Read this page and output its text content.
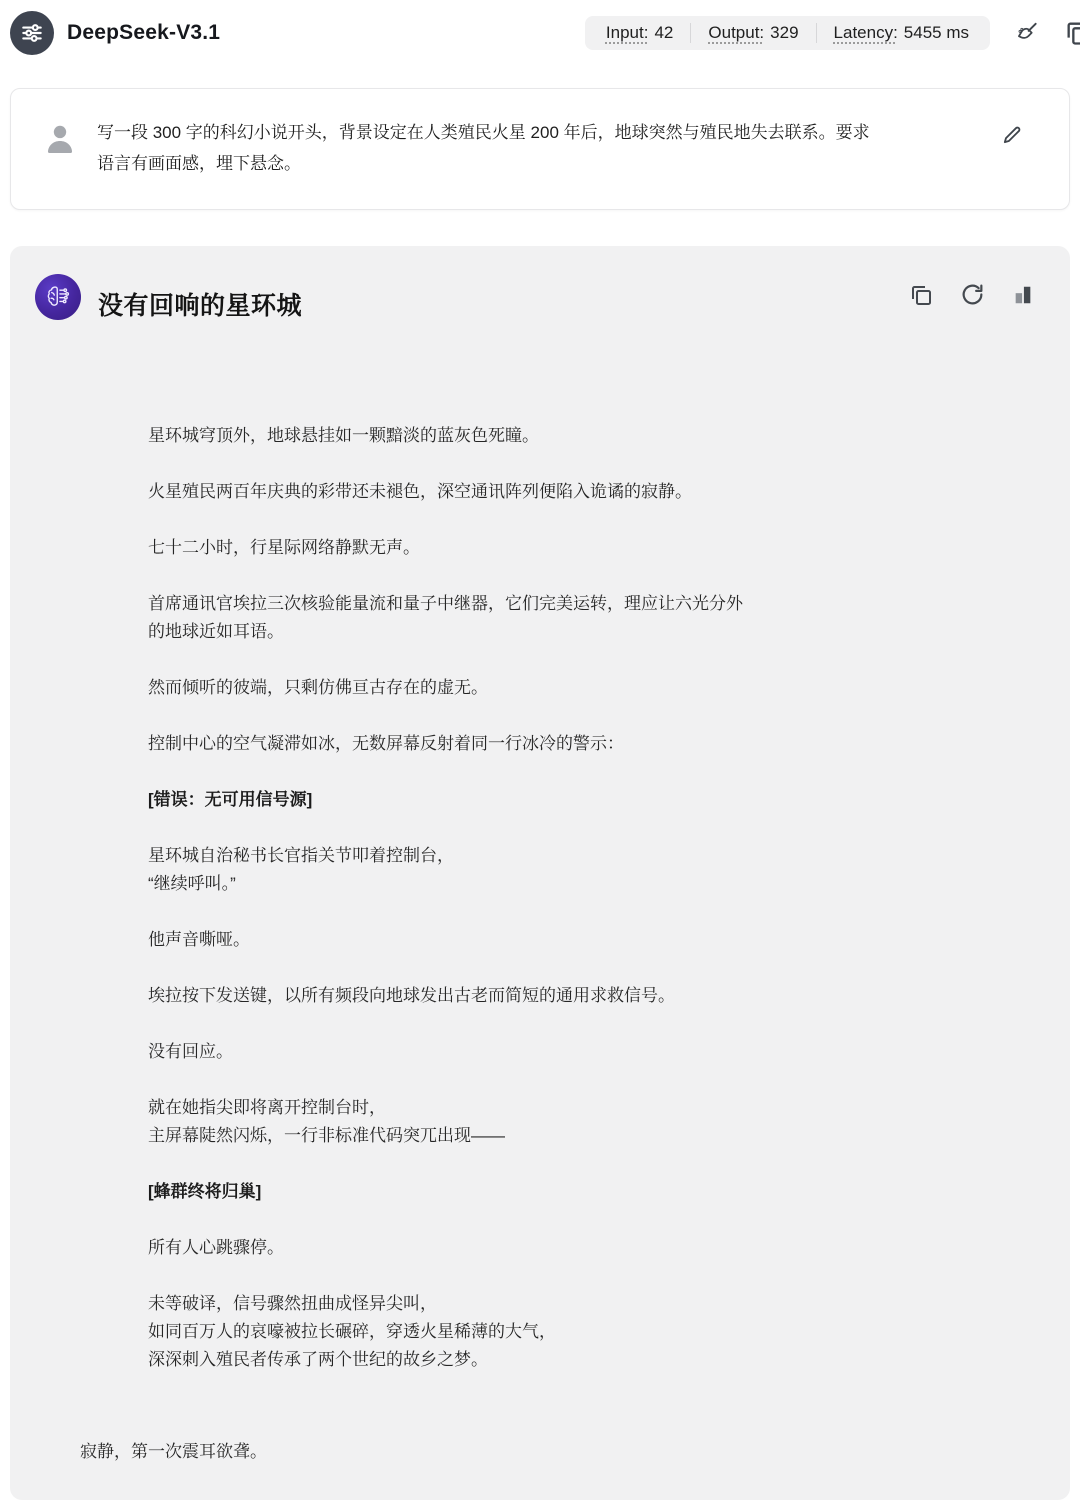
DeepSeek-V3.1	Input: 42 Output: 329 Latency: 5455 ms
写一段 300 字的科幻小说开头，背景设定在人类殖民火星 200 年后，地球突然与殖民地失去联系。要求
语言有画面感，埋下悬念。
没有回响的星环城
星环城穹顶外，地球悬挂如一颗黯淡的蓝灰色死瞳。
火星殖民两百年庆典的彩带还未褪色，深空通讯阵列便陷入诡谲的寂静。
七十二小时，行星际网络静默无声。
首席通讯官埃拉三次核验能量流和量子中继器，它们完美运转，理应让六光分外
的地球近如耳语。
然而倾听的彼端，只剩仿佛亘古存在的虚无。
控制中心的空气凝滞如冰，无数屏幕反射着同一行冰冷的警示：
[错误：无可用信号源]
星环城自治秘书长官指关节叩着控制台，
“继续呼叫。”
他声音嘶哑。
埃拉按下发送键，以所有频段向地球发出古老而简短的通用求救信号。
没有回应。
就在她指尖即将离开控制台时，
主屏幕陡然闪烁，一行非标准代码突兀出现——
[蜂群终将归巢]
所有人心跳骤停。
未等破译，信号骤然扭曲成怪异尖叫，
如同百万人的哀嚎被拉长碾碎，穿透火星稀薄的大气，
深深刺入殖民者传承了两个世纪的故乡之梦。
寂静，第一次震耳欲聋。
